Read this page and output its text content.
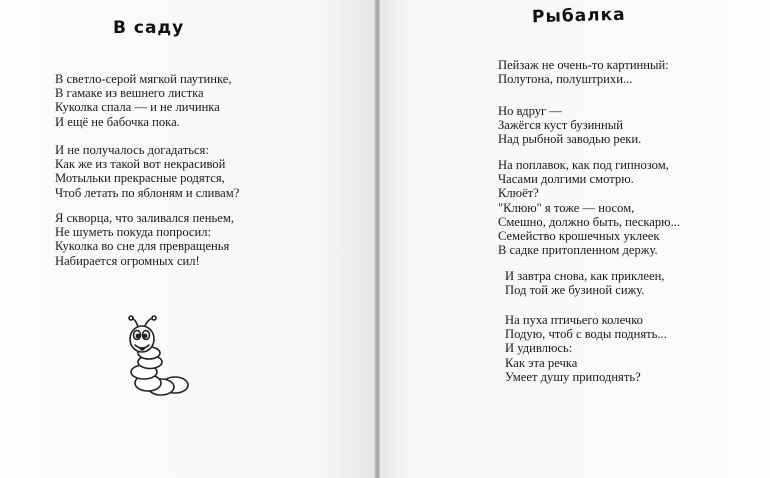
В саду
В светло-серой мягкой паутинке,
В гамаке из вешнего листка
Куколка спала — и не личинка
И ещё не бабочка пока.
И не получалось догадаться:
Как же из такой вот некрасивой
Мотыльки прекрасные родятся,
Чтоб летать по яблоням и сливам?
Я скворца, что заливался пеньем,
Не шуметь покуда попросил:
Куколка во сне для превращенья
Набирается огромных сил!
Рыбалка
Пейзаж не очень-то картинный:
Полутона, полуштрихи...
Но вдруг —
Зажёгся куст бузинный
Над рыбной заводью реки.
На поплавок, как под гипнозом,
Часами долгими смотрю.
Клюёт?
"Клюю" я тоже — носом,
Смешно, должно быть, пескарю...
Семейство крошечных уклеек
В садке притопленном держу.
И завтра снова, как приклеен,
Под той же бузиной сижу.
На пуха птичьего колечко
Подую, чтоб с воды поднять...
И удивлюсь:
Как эта речка
Умеет душу приподнять?
